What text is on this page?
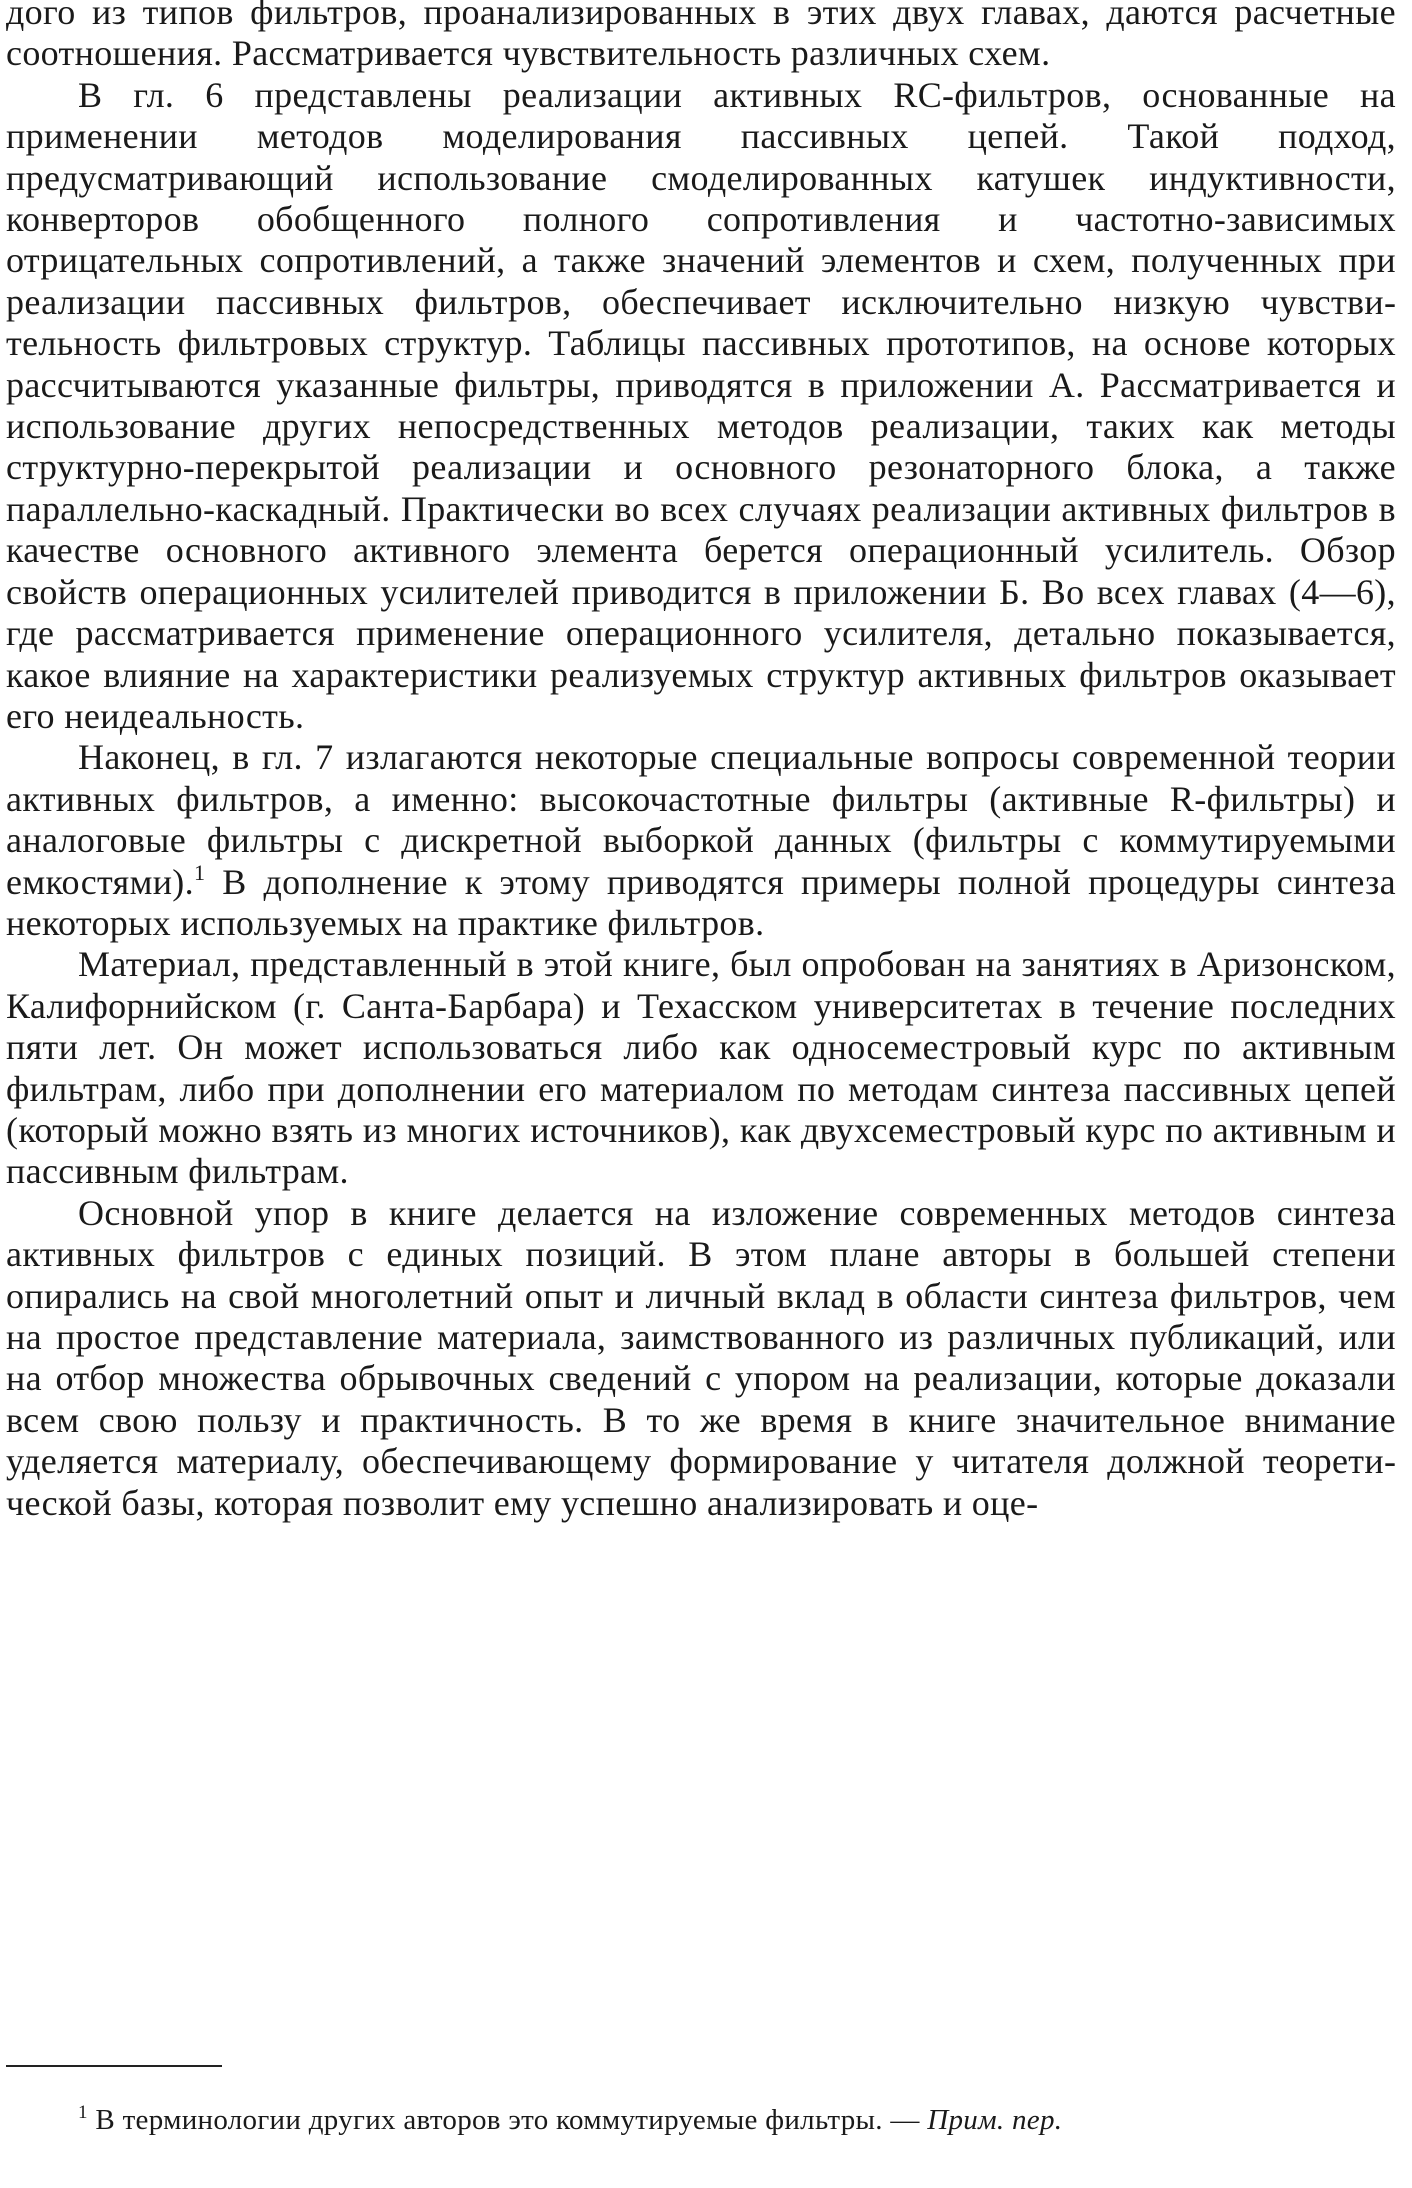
дого из типов фильтров, проанализированных в этих двух главах, даются расчетные соотношения. Рассматривается чувствительность различных схем.

В гл. 6 представлены реализации активных RC-фильтров, основанные на применении методов моделирования пассивных цепей. Такой подход, предусматривающий использование смоделированных катушек индуктивности, конверторов обобщенного полного сопротивления и частотно-зависимых отрицательных сопротивлений, а также значений элементов и схем, полученных при реализации пассивных фильтров, обеспечивает исключительно низкую чувствительность фильтровых структур. Таблицы пассивных прототипов, на основе которых рассчитываются указанные фильтры, приводятся в приложении А. Рассматривается и использование других непосредственных методов реализации, таких как методы структурно-перекрытой реализации и основного резонаторного блока, а также параллельно-каскадный. Практически во всех случаях реализации активных фильтров в качестве основного активного элемента берется операционный усилитель. Обзор свойств операционных усилителей приводится в приложении Б. Во всех главах (4—6), где рассматривается применение операционного усилителя, детально показывается, какое влияние на характеристики реализуемых структур активных фильтров оказывает его неидеальность.

Наконец, в гл. 7 излагаются некоторые специальные вопросы современной теории активных фильтров, а именно: высокочастотные фильтры (активные R-фильтры) и аналоговые фильтры с дискретной выборкой данных (фильтры с коммутируемыми емкостями).$^1$ В дополнение к этому приводятся примеры полной процедуры синтеза некоторых используемых на практике фильтров.

Материал, представленный в этой книге, был опробован на занятиях в Аризонском, Калифорнийском (г. Санта-Барбара) и Техасском университетах в течение последних пяти лет. Он может использоваться либо как односеместровый курс по активным фильтрам, либо при дополнении его материалом по методам синтеза пассивных цепей (который можно взять из многих источников), как двухсеместровый курс по активным и пассивным фильтрам.

Основной упор в книге делается на изложение современных методов синтеза активных фильтров с единых позиций. В этом плане авторы в большей степени опирались на свой многолетний опыт и личный вклад в области синтеза фильтров, чем на простое представление материала, заимствованного из различных публикаций, или на отбор множества обрывочных сведений с упором на реализации, которые доказали всем свою пользу и практичность. В то же время в книге значительное внимание уделяется материалу, обеспечивающему формирование у читателя должной теоретической базы, которая позволит ему успешно анализировать и оце-

$^1$ В терминологии других авторов это коммутируемые фильтры. — Прим. пер.
